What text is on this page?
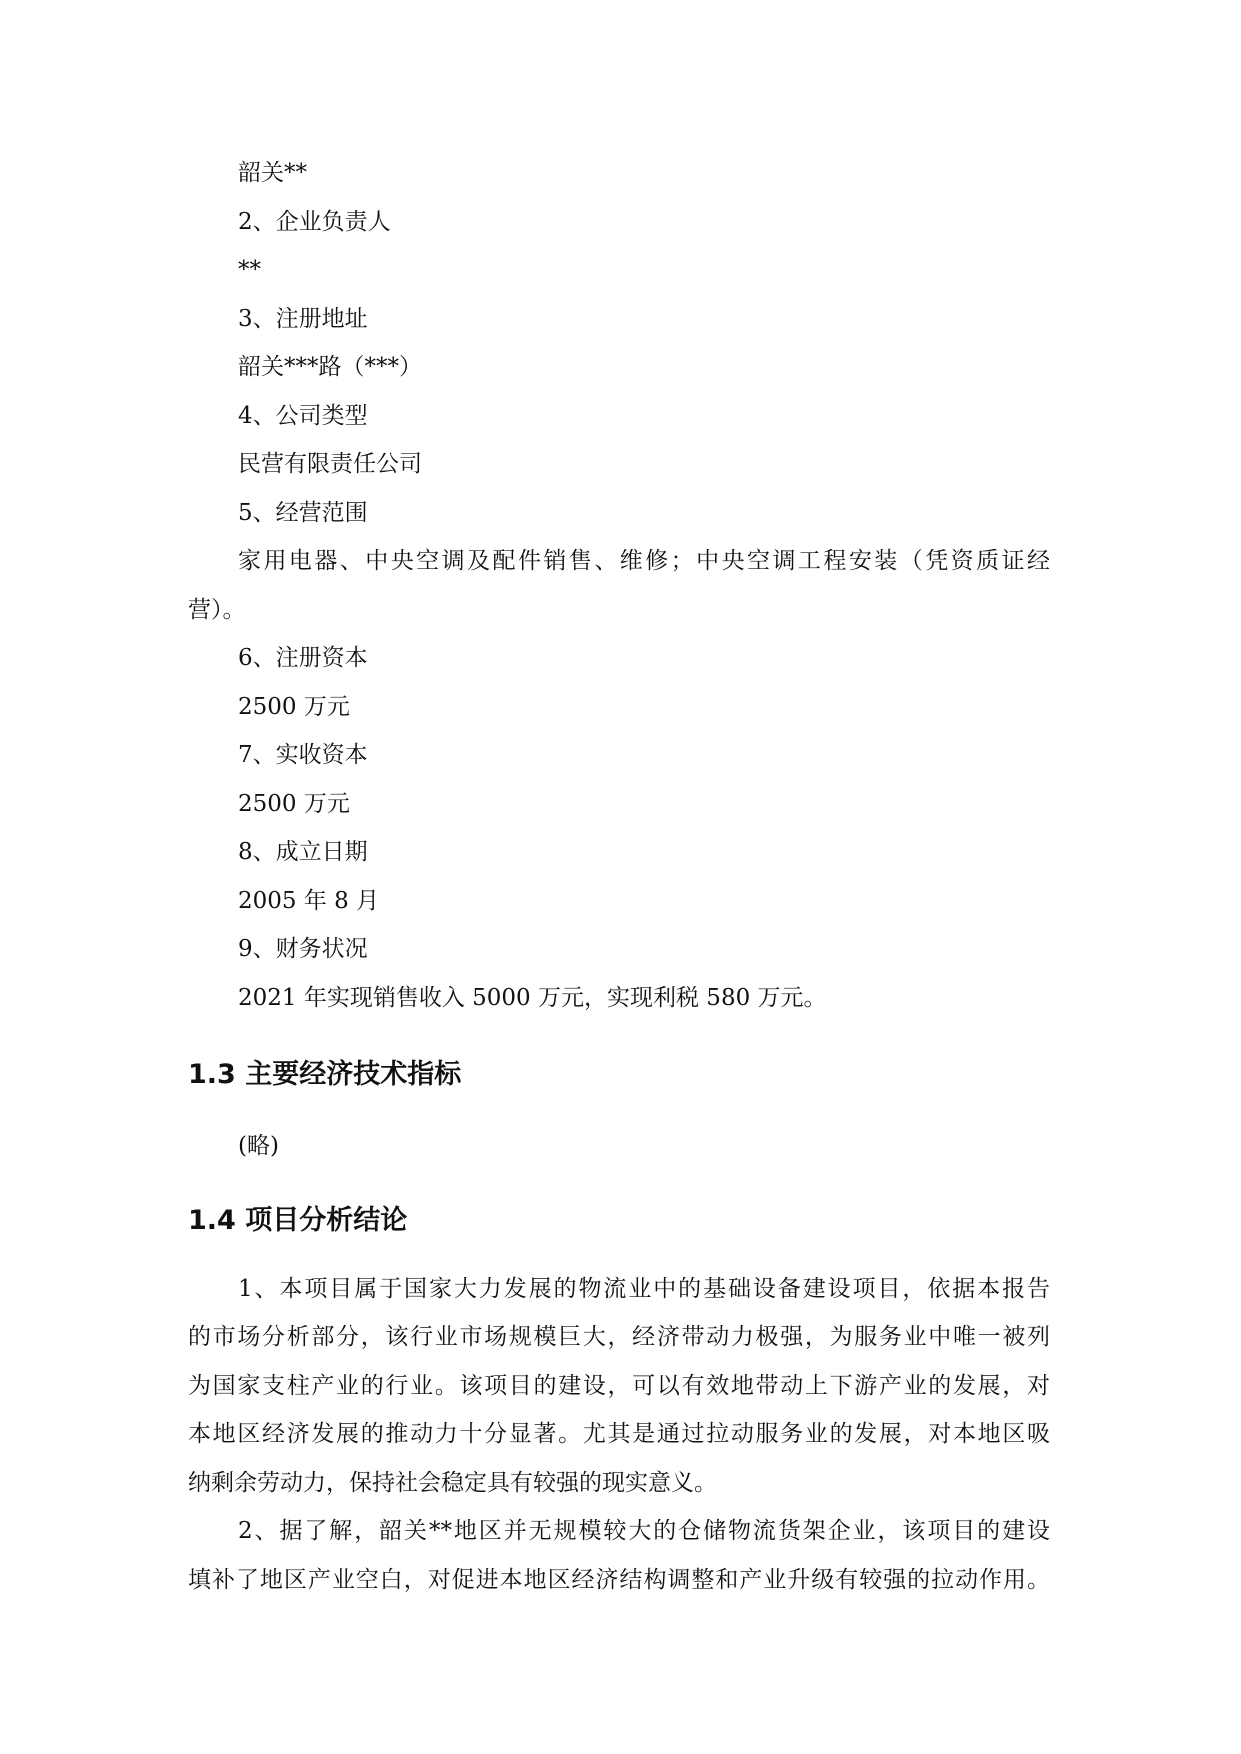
韶关**

2、企业负责人

**

3、注册地址

韶关***路（***）

4、公司类型

民营有限责任公司

5、经营范围

家用电器、中央空调及配件销售、维修；中央空调工程安装（凭资质证经

营）。

6、注册资本

2500 万元

7、实收资本

2500 万元

8、成立日期

2005 年 8 月

9、财务状况

2021 年实现销售收入 5000 万元，实现利税 580 万元。

1.3 主要经济技术指标

(略)

1.4 项目分析结论

1、本项目属于国家大力发展的物流业中的基础设备建设项目，依据本报告

的市场分析部分，该行业市场规模巨大，经济带动力极强，为服务业中唯一被列

为国家支柱产业的行业。该项目的建设，可以有效地带动上下游产业的发展，对

本地区经济发展的推动力十分显著。尤其是通过拉动服务业的发展，对本地区吸

纳剩余劳动力，保持社会稳定具有较强的现实意义。

2、据了解，韶关**地区并无规模较大的仓储物流货架企业，该项目的建设

填补了地区产业空白，对促进本地区经济结构调整和产业升级有较强的拉动作用。
